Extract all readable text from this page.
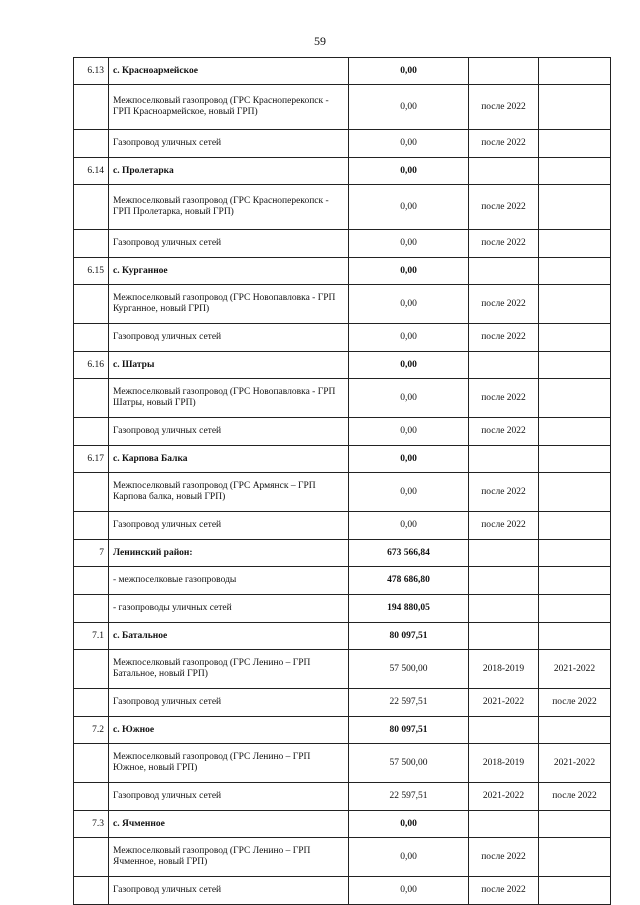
59
6.13	с. Красноармейское	0,00		
	Межпоселковый газопровод (ГРС Красноперекопск - ГРП Красноармейское, новый ГРП)	0,00	после 2022	
	Газопровод уличных сетей	0,00	после 2022	
6.14	с. Пролетарка	0,00		
	Межпоселковый газопровод (ГРС Красноперекопск - ГРП Пролетарка, новый ГРП)	0,00	после 2022	
	Газопровод уличных сетей	0,00	после 2022	
6.15	с. Курганное	0,00		
	Межпоселковый газопровод (ГРС Новопавловка - ГРП Курганное, новый ГРП)	0,00	после 2022	
	Газопровод уличных сетей	0,00	после 2022	
6.16	с. Шатры	0,00		
	Межпоселковый газопровод (ГРС Новопавловка - ГРП Шатры, новый ГРП)	0,00	после 2022	
	Газопровод уличных сетей	0,00	после 2022	
6.17	с. Карпова Балка	0,00		
	Межпоселковый газопровод (ГРС Армянск – ГРП Карпова балка, новый ГРП)	0,00	после 2022	
	Газопровод уличных сетей	0,00	после 2022	
7	Ленинский район:	673 566,84		
	- межпоселковые газопроводы	478 686,80		
	- газопроводы уличных сетей	194 880,05		
7.1	с. Батальное	80 097,51		
	Межпоселковый газопровод (ГРС Ленино – ГРП Батальное, новый ГРП)	57 500,00	2018-2019	2021-2022
	Газопровод уличных сетей	22 597,51	2021-2022	после 2022
7.2	с. Южное	80 097,51		
	Межпоселковый газопровод (ГРС Ленино – ГРП Южное, новый ГРП)	57 500,00	2018-2019	2021-2022
	Газопровод уличных сетей	22 597,51	2021-2022	после 2022
7.3	с. Ячменное	0,00		
	Межпоселковый газопровод (ГРС Ленино – ГРП Ячменное, новый ГРП)	0,00	после 2022	
	Газопровод уличных сетей	0,00	после 2022	
